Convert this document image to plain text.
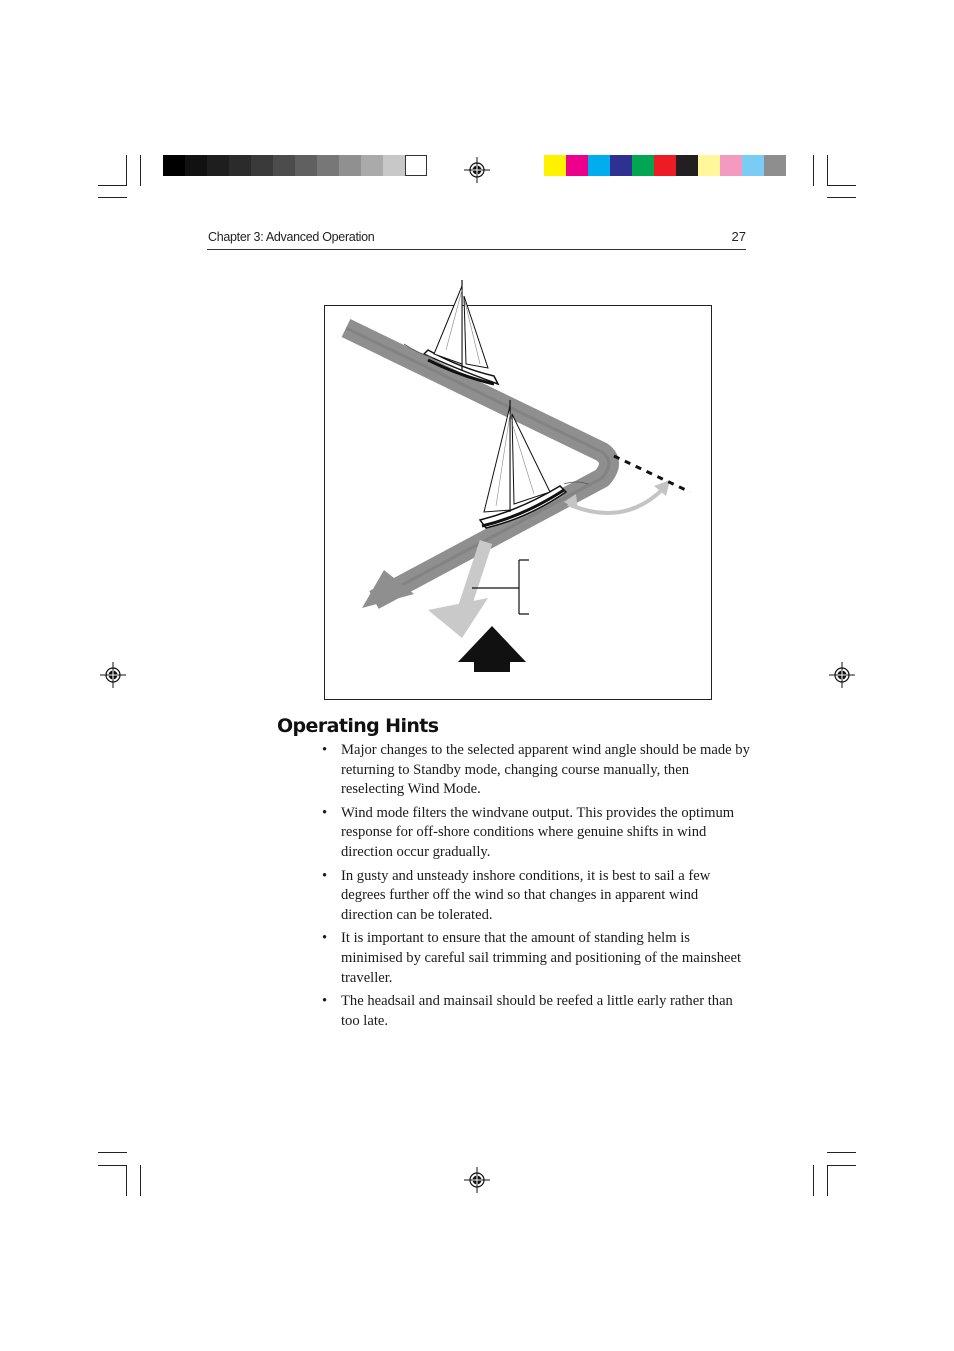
Chapter 3: Advanced Operation	27
Operating Hints
• Major changes to the selected apparent wind angle should be made by returning to Standby mode, changing course manually, then reselecting Wind Mode.
• Wind mode filters the windvane output. This provides the optimum response for off-shore conditions where genuine shifts in wind direction occur gradually.
• In gusty and unsteady inshore conditions, it is best to sail a few degrees further off the wind so that changes in apparent wind direction can be tolerated.
• It is important to ensure that the amount of standing helm is minimised by careful sail trimming and positioning of the mainsheet traveller.
• The headsail and mainsail should be reefed a little early rather than too late.
